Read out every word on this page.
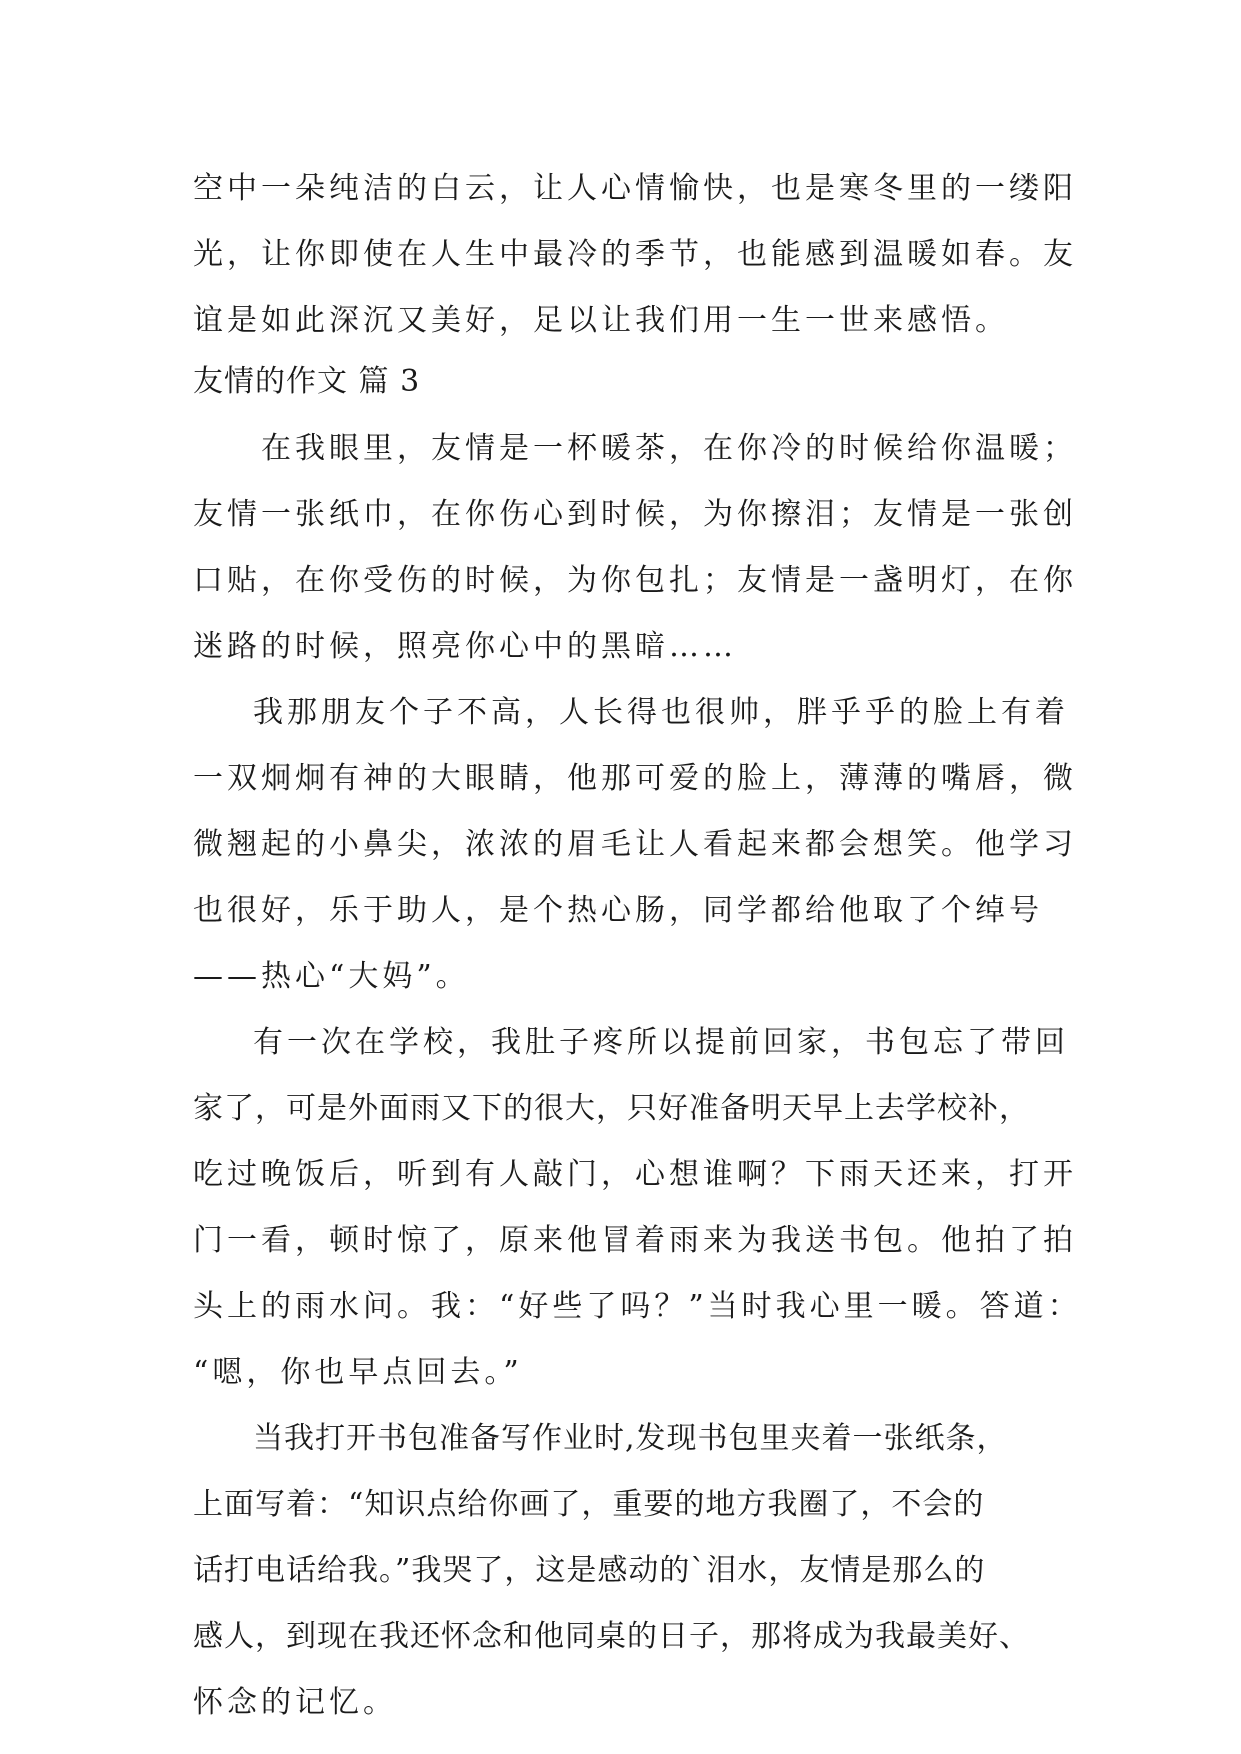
空中一朵纯洁的白云，让人心情愉快，也是寒冬里的一缕阳
光，让你即使在人生中最冷的季节，也能感到温暖如春。友
谊是如此深沉又美好，足以让我们用一生一世来感悟。
友情的作文 篇 3
在我眼里，友情是一杯暖茶，在你冷的时候给你温暖；
友情一张纸巾，在你伤心到时候，为你擦泪；友情是一张创
口贴，在你受伤的时候，为你包扎；友情是一盏明灯，在你
迷路的时候，照亮你心中的黑暗……
我那朋友个子不高，人长得也很帅，胖乎乎的脸上有着
一双炯炯有神的大眼睛，他那可爱的脸上，薄薄的嘴唇，微
微翘起的小鼻尖，浓浓的眉毛让人看起来都会想笑。他学习
也很好，乐于助人，是个热心肠，同学都给他取了个绰号
——热心“大妈”。
有一次在学校，我肚子疼所以提前回家，书包忘了带回
家了，可是外面雨又下的很大，只好准备明天早上去学校补，
吃过晚饭后，听到有人敲门，心想谁啊？下雨天还来，打开
门一看，顿时惊了，原来他冒着雨来为我送书包。他拍了拍
头上的雨水问。我：“好些了吗？”当时我心里一暖。答道：
“嗯，你也早点回去。”
当我打开书包准备写作业时,发现书包里夹着一张纸条，
上面写着：“知识点给你画了，重要的地方我圈了，不会的
话打电话给我。”我哭了，这是感动的`泪水，友情是那么的
感人，到现在我还怀念和他同桌的日子，那将成为我最美好、
怀念的记忆。
